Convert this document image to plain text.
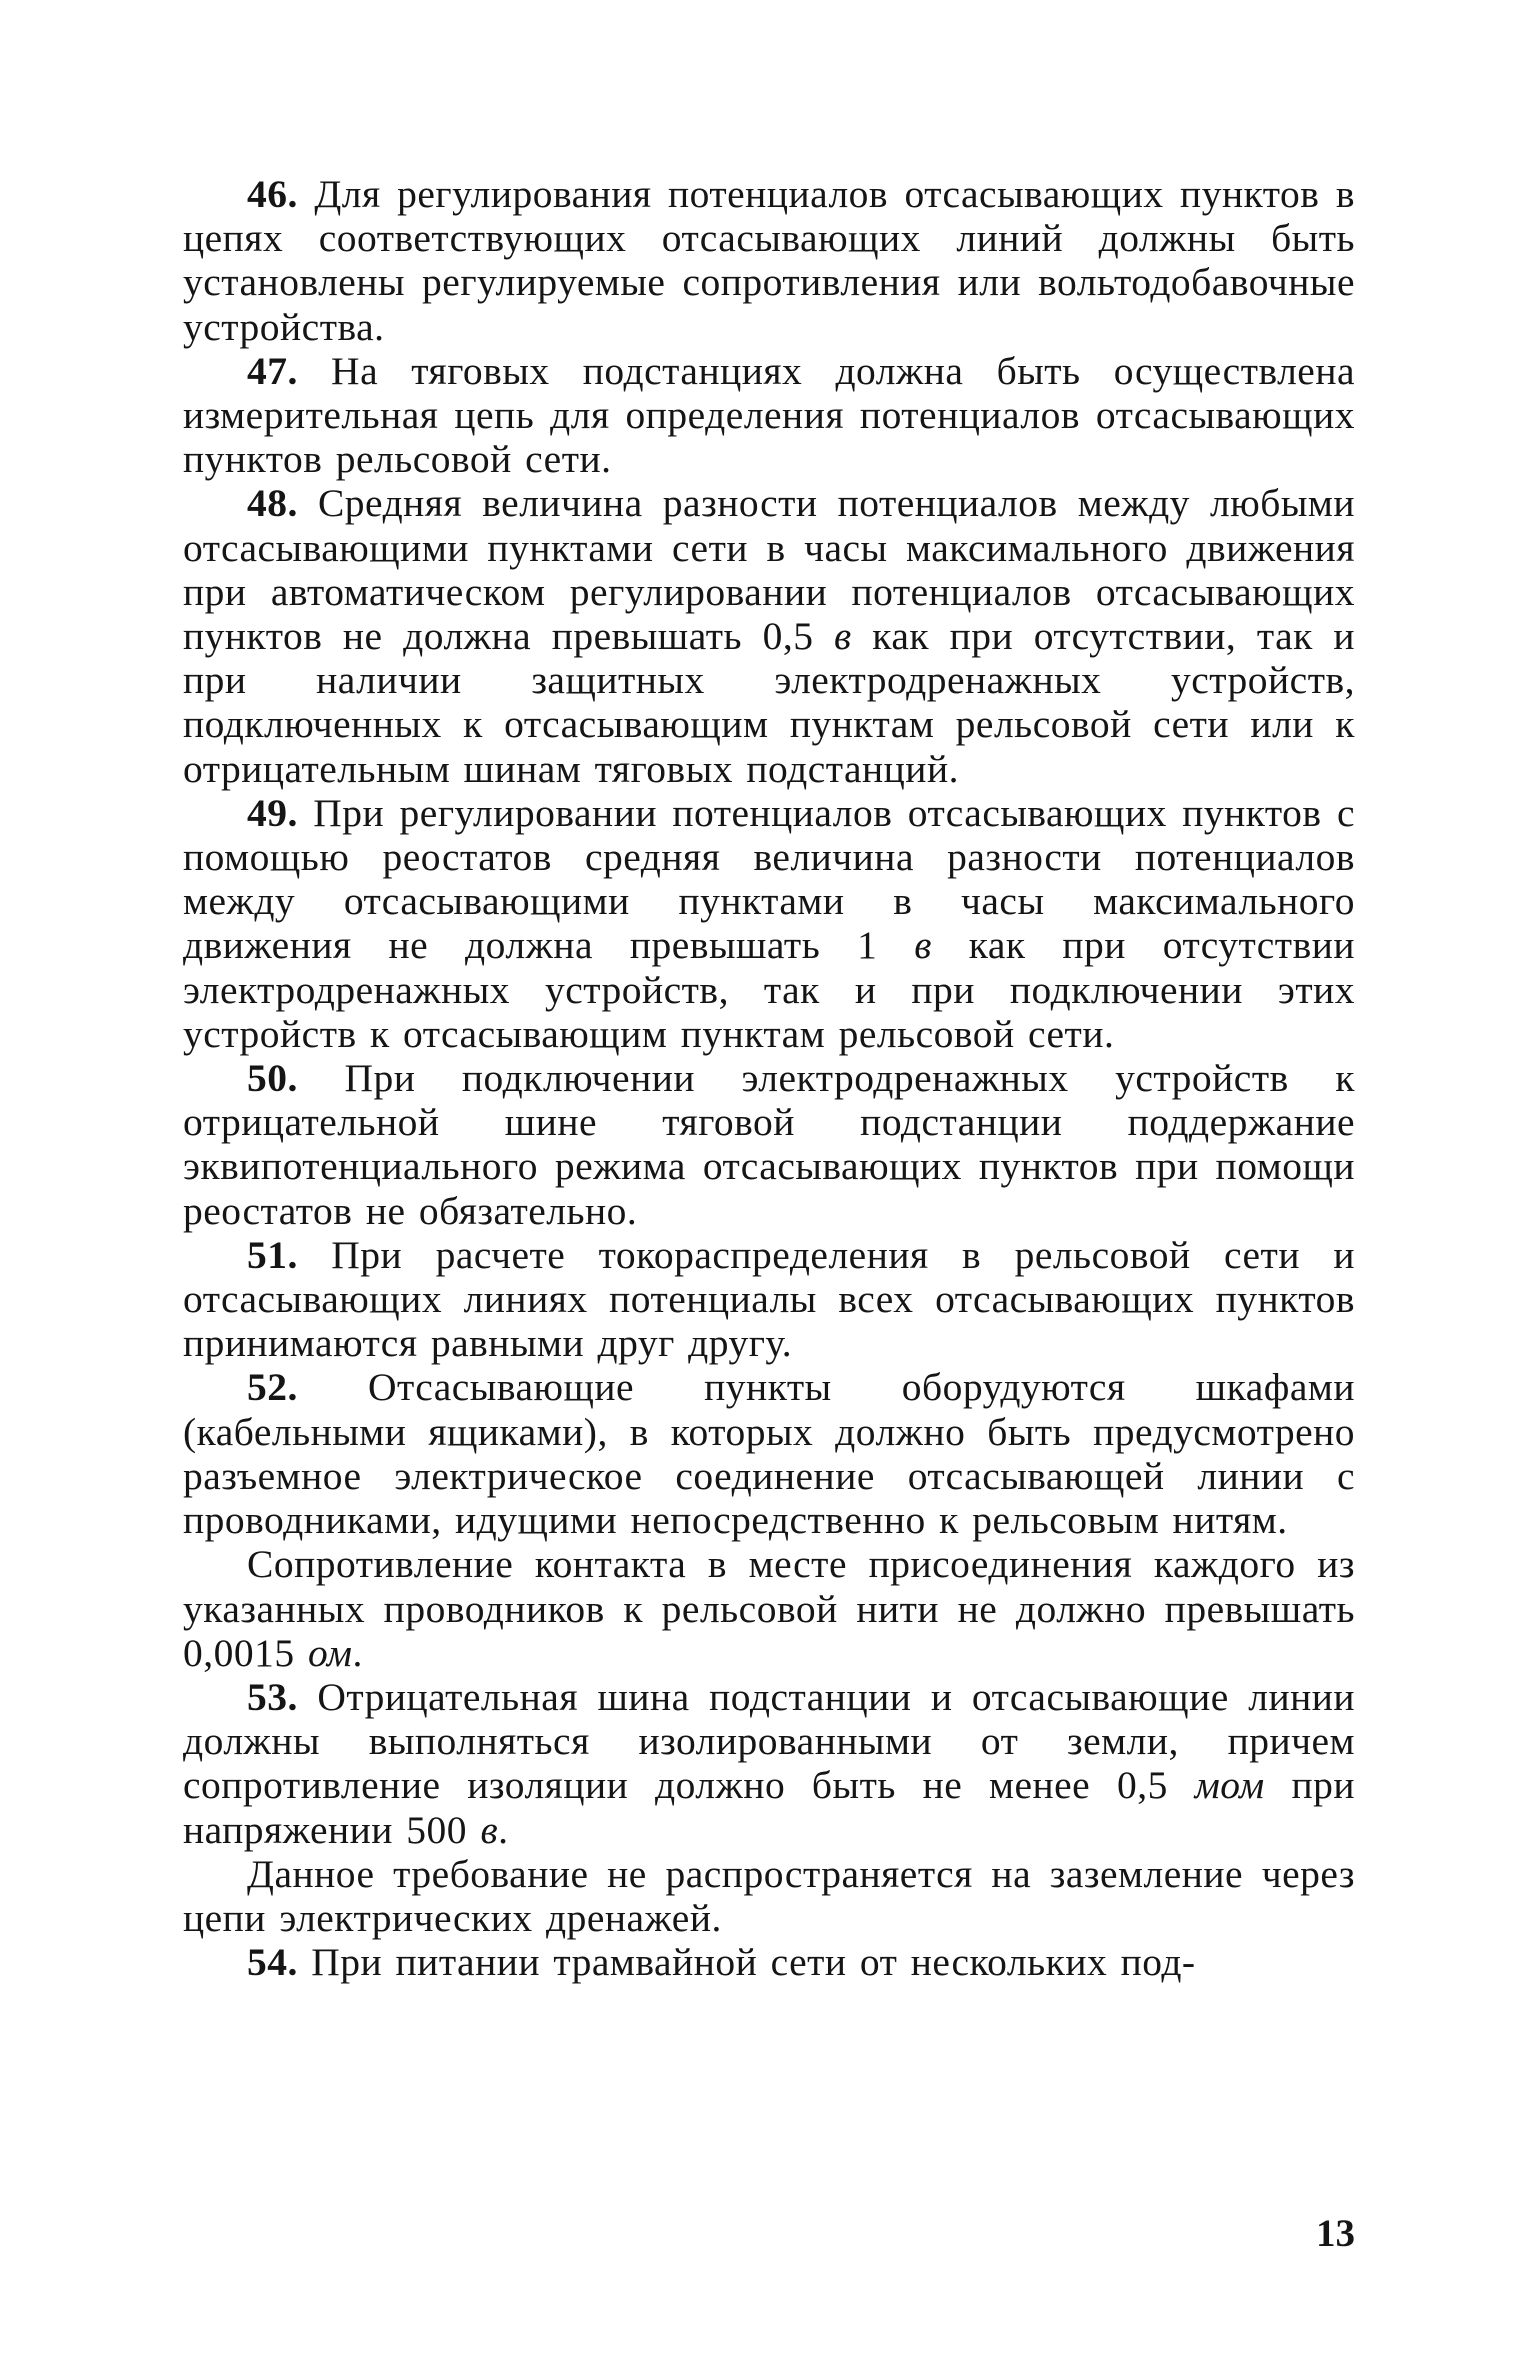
46. Для регулирования потенциалов отсасывающих пунктов в цепях соответствующих отсасывающих линий должны быть установлены регулируемые сопротивления или вольтодобавочные устройства.

47. На тяговых подстанциях должна быть осуществлена измерительная цепь для определения потенциалов отсасывающих пунктов рельсовой сети.

48. Средняя величина разности потенциалов между любыми отсасывающими пунктами сети в часы максимального движения при автоматическом регулировании потенциалов отсасывающих пунктов не должна превышать 0,5 в как при отсутствии, так и при наличии защитных электродренажных устройств, подключенных к отсасывающим пунктам рельсовой сети или к отрицательным шинам тяговых подстанций.

49. При регулировании потенциалов отсасывающих пунктов с помощью реостатов средняя величина разности потенциалов между отсасывающими пунктами в часы максимального движения не должна превышать 1 в как при отсутствии электродренажных устройств, так и при подключении этих устройств к отсасывающим пунктам рельсовой сети.

50. При подключении электродренажных устройств к отрицательной шине тяговой подстанции поддержание эквипотенциального режима отсасывающих пунктов при помощи реостатов не обязательно.

51. При расчете токораспределения в рельсовой сети и отсасывающих линиях потенциалы всех отсасывающих пунктов принимаются равными друг другу.

52. Отсасывающие пункты оборудуются шкафами (кабельными ящиками), в которых должно быть предусмотрено разъемное электрическое соединение отсасывающей линии с проводниками, идущими непосредственно к рельсовым нитям.

Сопротивление контакта в месте присоединения каждого из указанных проводников к рельсовой нити не должно превышать 0,0015 ом.

53. Отрицательная шина подстанции и отсасывающие линии должны выполняться изолированными от земли, причем сопротивление изоляции должно быть не менее 0,5 мом при напряжении 500 в.

Данное требование не распространяется на заземление через цепи электрических дренажей.

54. При питании трамвайной сети от нескольких под-

13
